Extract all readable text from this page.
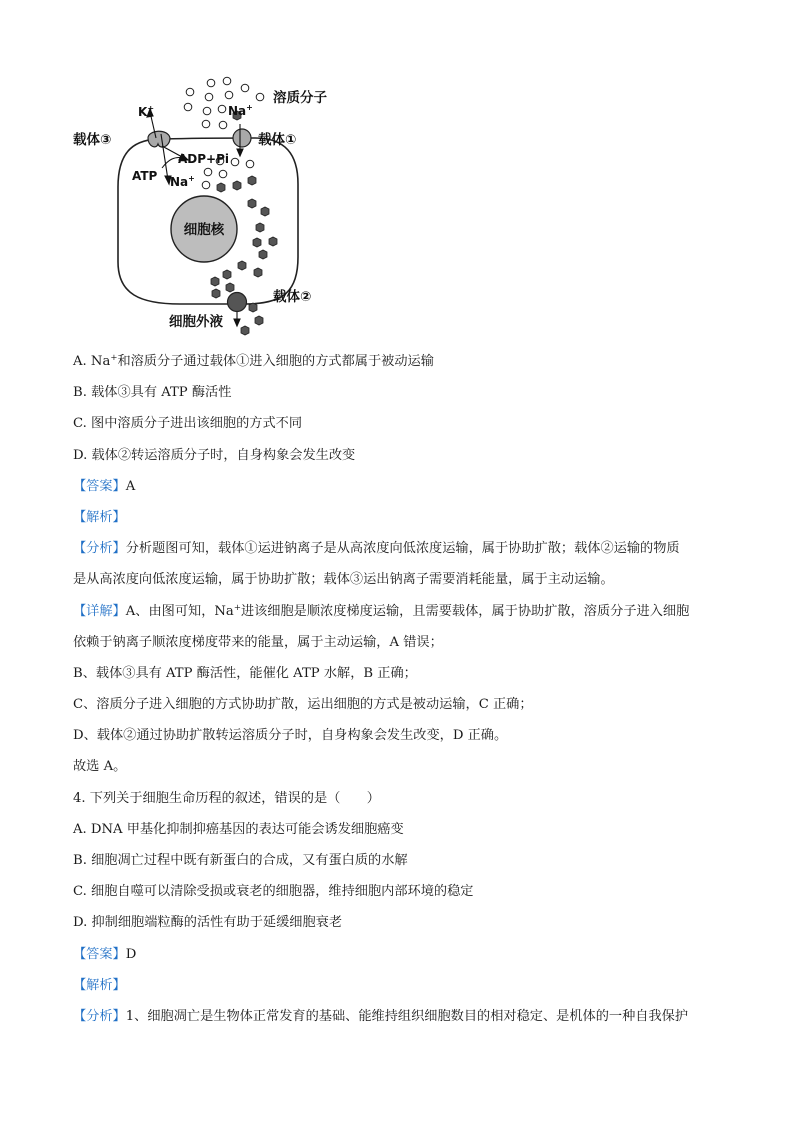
细胞核
K+	Na+
溶质分子
载体③	载体①
ADP+Pi
ATP Na+
载体②
细胞外液
A. Na+和溶质分子通过载体①进入细胞的方式都属于被动运输
B. 载体③具有 ATP 酶活性
C. 图中溶质分子进出该细胞的方式不同
D. 载体②转运溶质分子时，自身构象会发生改变
【答案】A
【解析】
【分析】分析题图可知，载体①运进钠离子是从高浓度向低浓度运输，属于协助扩散；载体②运输的物质
是从高浓度向低浓度运输，属于协助扩散；载体③运出钠离子需要消耗能量，属于主动运输。
【详解】A、由图可知，Na+进该细胞是顺浓度梯度运输，且需要载体，属于协助扩散，溶质分子进入细胞
依赖于钠离子顺浓度梯度带来的能量，属于主动运输，A 错误；
B、载体③具有 ATP 酶活性，能催化 ATP 水解，B 正确；
C、溶质分子进入细胞的方式协助扩散，运出细胞的方式是被动运输，C 正确；
D、载体②通过协助扩散转运溶质分子时，自身构象会发生改变，D 正确。
故选 A。
4. 下列关于细胞生命历程的叙述，错误的是（　　）
A. DNA 甲基化抑制抑癌基因的表达可能会诱发细胞癌变
B. 细胞凋亡过程中既有新蛋白的合成，又有蛋白质的水解
C. 细胞自噬可以清除受损或衰老的细胞器，维持细胞内部环境的稳定
D. 抑制细胞端粒酶的活性有助于延缓细胞衰老
【答案】D
【解析】
【分析】1、细胞凋亡是生物体正常发育的基础、能维持组织细胞数目的相对稳定、是机体的一种自我保护
